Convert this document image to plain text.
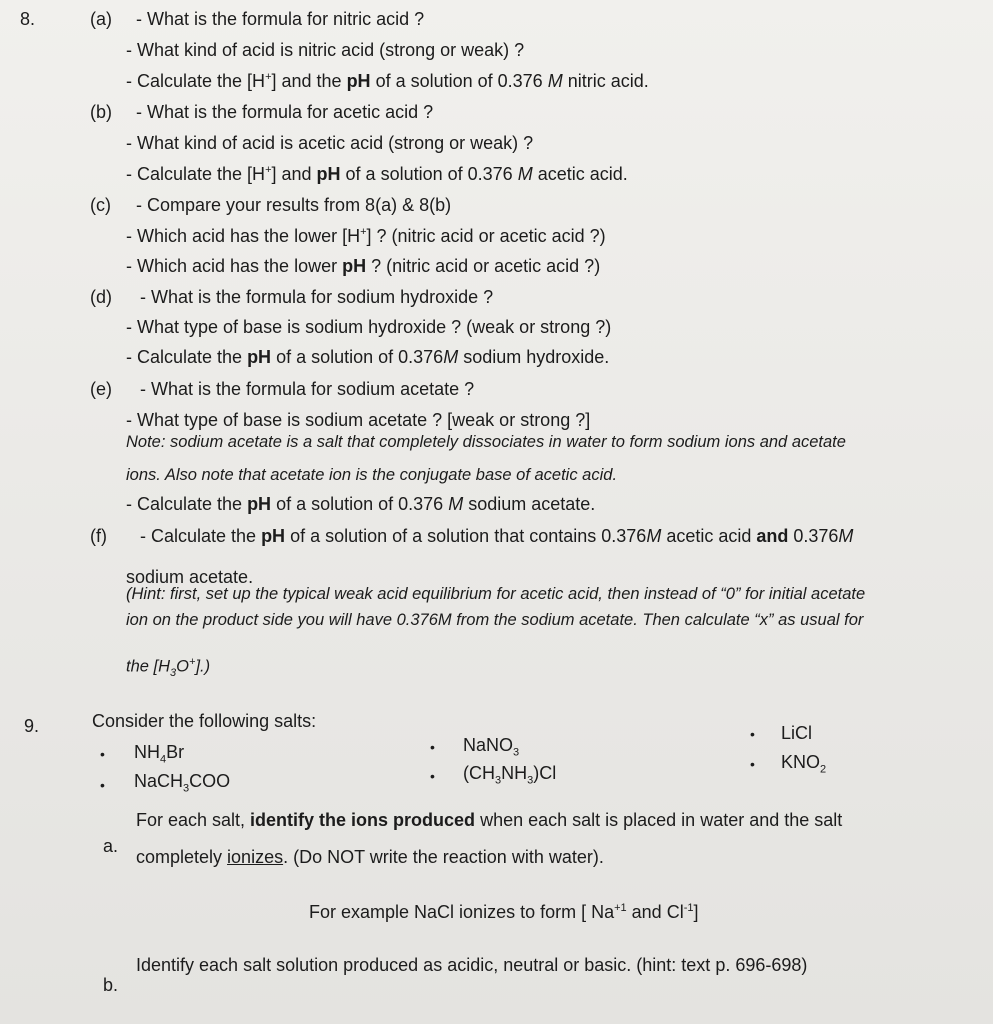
8.	(a) - What is the formula for nitric acid ?
- What kind of acid is nitric acid (strong or weak) ?
- Calculate the [H+] and the pH of a solution of 0.376 M nitric acid.
(b) - What is the formula for acetic acid ?
- What kind of acid is acetic acid (strong or weak) ?
- Calculate the [H+] and pH of a solution of 0.376 M acetic acid.
(c) - Compare your results from 8(a) & 8(b)
- Which acid has the lower [H+] ? (nitric acid or acetic acid ?)
- Which acid has the lower pH ? (nitric acid or acetic acid ?)
(d) - What is the formula for sodium hydroxide ?
- What type of base is sodium hydroxide ? (weak or strong ?)
- Calculate the pH of a solution of 0.376M sodium hydroxide.
(e) - What is the formula for sodium acetate ?
- What type of base is sodium acetate ? [weak or strong ?]
Note: sodium acetate is a salt that completely dissociates in water to form sodium ions and acetate
ions. Also note that acetate ion is the conjugate base of acetic acid.
- Calculate the pH of a solution of 0.376 M sodium acetate.
(f) - Calculate the pH of a solution of a solution that contains 0.376M acetic acid and 0.376M
sodium acetate.
(Hint: first, set up the typical weak acid equilibrium for acetic acid, then instead of “0” for initial acetate
ion on the product side you will have 0.376M from the sodium acetate. Then calculate “x” as usual for
the $[H_3O^+]$.)
9.	Consider the following salts:
• $NH_4Br$
• NaCH$_3$COO
• NaNO$_3$
• $(CH_3NH_3)Cl$
• LiCl
• $KNO_2$
a.
For each salt, identify the ions produced when each salt is placed in water and the salt
completely ionizes. (Do NOT write the reaction with water).
For example NaCl ionizes to form [ $Na^{+1}$ and $Cl^{-1}$]
b.
Identify each salt solution produced as acidic, neutral or basic. (hint: text p. 696-698)
